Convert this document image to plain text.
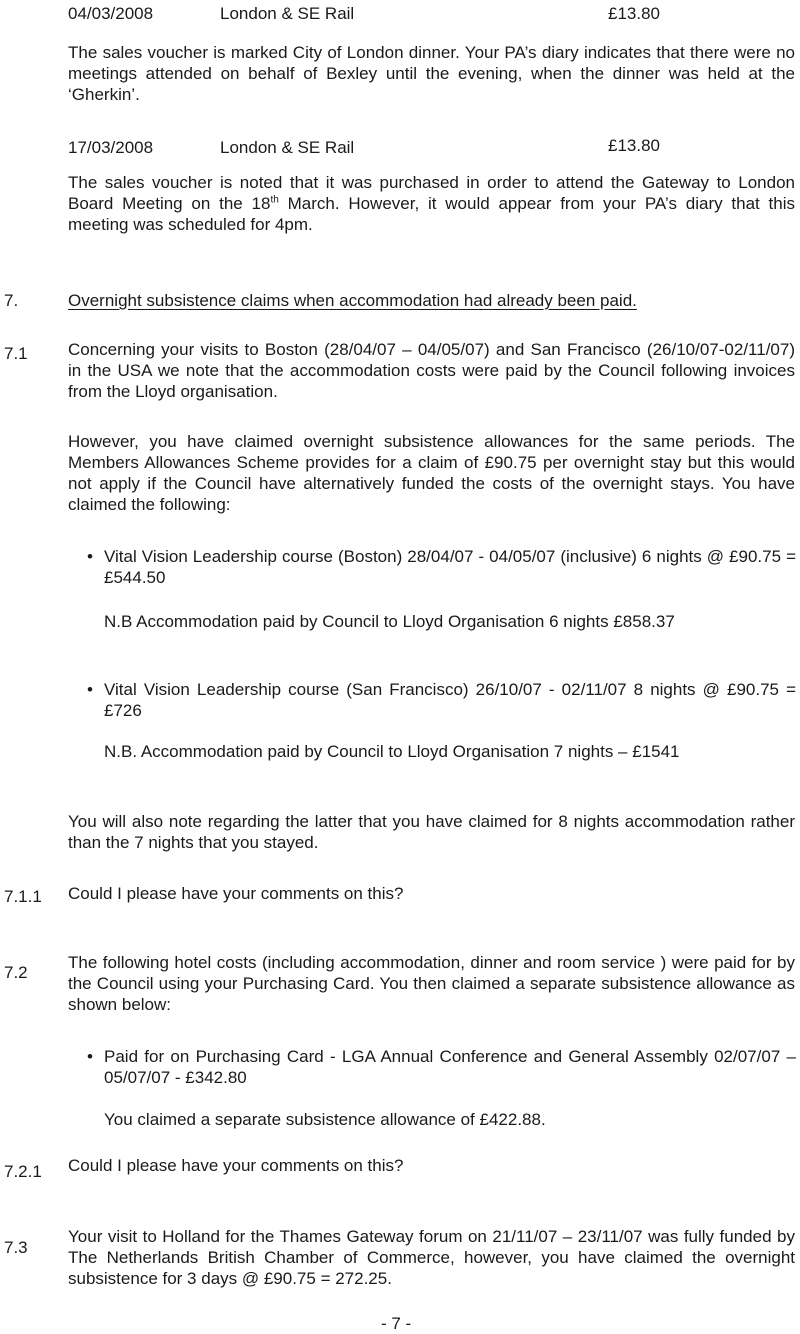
04/03/2008	London & SE Rail	£13.80

The sales voucher is marked City of London dinner. Your PA’s diary indicates that there were no meetings attended on behalf of Bexley until the evening, when the dinner was held at the ‘Gherkin’.

17/03/2008	London & SE Rail	£13.80

The sales voucher is noted that it was purchased in order to attend the Gateway to London Board Meeting on the 18th March. However, it would appear from your PA’s diary that this meeting was scheduled for 4pm.

7.	Overnight subsistence claims when accommodation had already been paid.
7.1 Concerning your visits to Boston (28/04/07 – 04/05/07) and San Francisco (26/10/07-02/11/07) in the USA we note that the accommodation costs were paid by the Council following invoices from the Lloyd organisation.

However, you have claimed overnight subsistence allowances for the same periods. The Members Allowances Scheme provides for a claim of £90.75 per overnight stay but this would not apply if the Council have alternatively funded the costs of the overnight stays. You have claimed the following:

• Vital Vision Leadership course (Boston) 28/04/07 - 04/05/07 (inclusive) 6 nights @ £90.75 = £544.50

N.B Accommodation paid by Council to Lloyd Organisation 6 nights £858.37

• Vital Vision Leadership course (San Francisco) 26/10/07 - 02/11/07 8 nights @ £90.75 = £726

N.B. Accommodation paid by Council to Lloyd Organisation 7 nights – £1541

You will also note regarding the latter that you have claimed for 8 nights accommodation rather than the 7 nights that you stayed.

7.1.1 Could I please have your comments on this?
7.2

The following hotel costs (including accommodation, dinner and room service ) were paid for by the Council using your Purchasing Card. You then claimed a separate subsistence allowance as shown below:

• Paid for on Purchasing Card - LGA Annual Conference and General Assembly 02/07/07 – 05/07/07 - £342.80

You claimed a separate subsistence allowance of £422.88.

7.2.1 Could I please have your comments on this?
7.3

Your visit to Holland for the Thames Gateway forum on 21/11/07 – 23/11/07 was fully funded by The Netherlands British Chamber of Commerce, however, you have claimed the overnight subsistence for 3 days @ £90.75 = 272.25.

- 7 -
